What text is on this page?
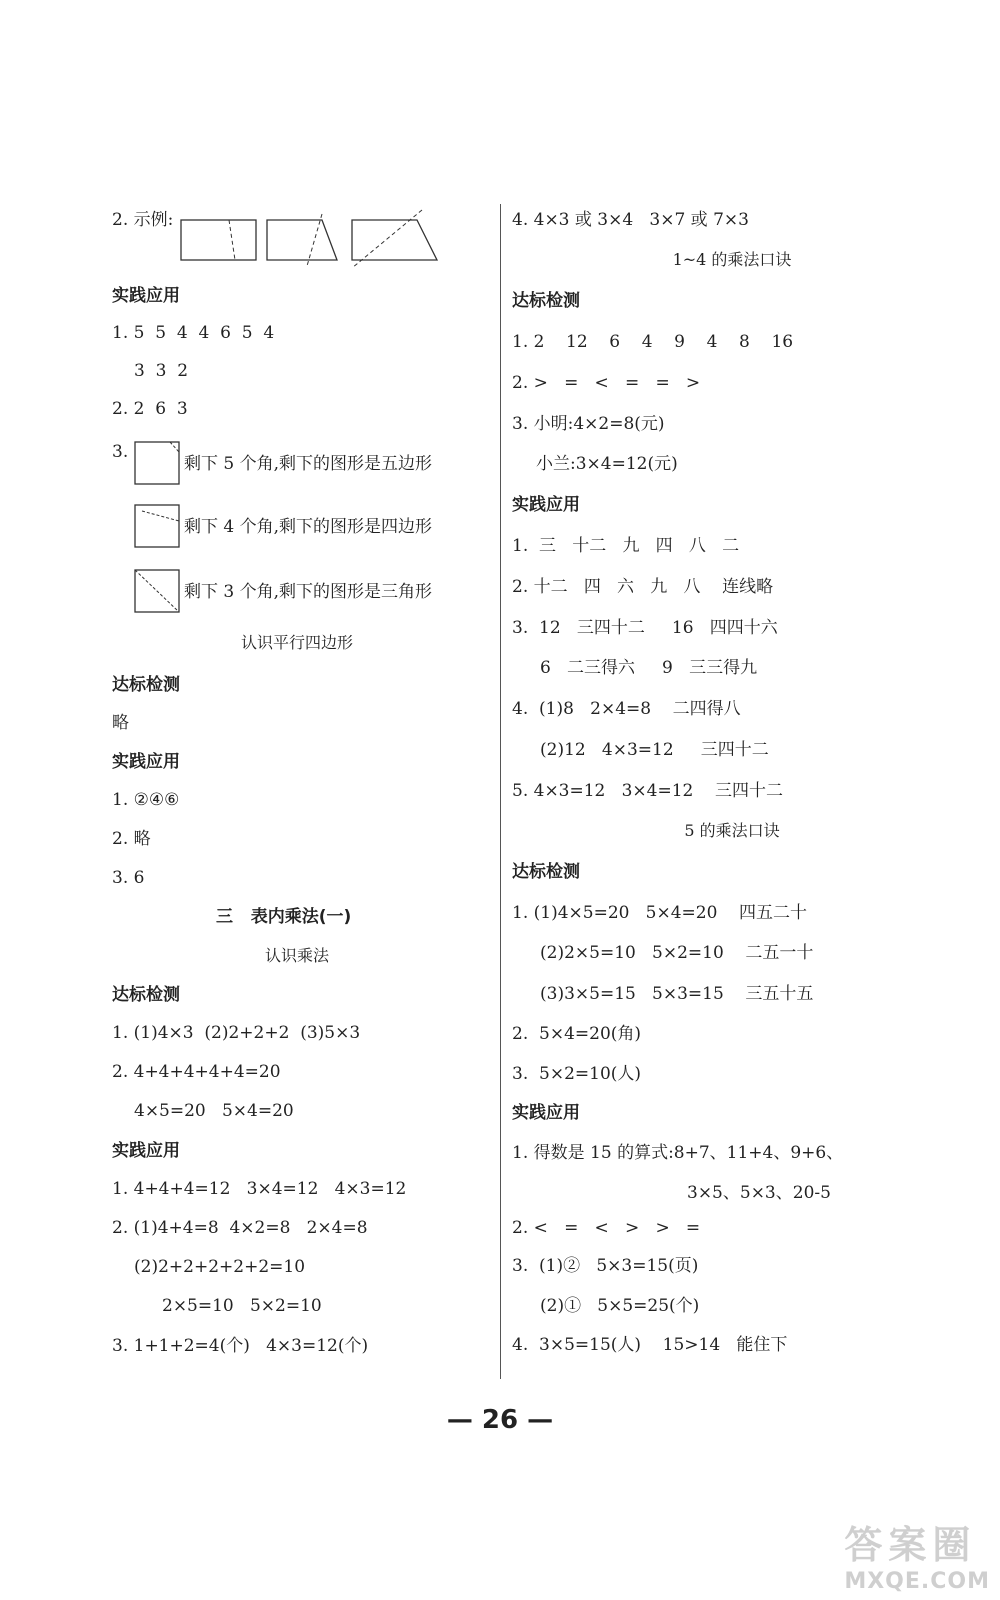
2. 示例:
实践应用
1. 5  5  4  4  6  5  4
3  3  2
2. 2  6  3
3.
剩下 5 个角,剩下的图形是五边形
剩下 4 个角,剩下的图形是四边形
剩下 3 个角,剩下的图形是三角形
认识平行四边形
达标检测
略
实践应用
1. ②④⑥
2. 略
3. 6
三   表内乘法(一)
认识乘法
达标检测
1. (1)4×3  (2)2+2+2  (3)5×3
2. 4+4+4+4+4=20
4×5=20   5×4=20
实践应用
1. 4+4+4=12   3×4=12   4×3=12
2. (1)4+4=8  4×2=8   2×4=8
(2)2+2+2+2+2=10
2×5=10   5×2=10
3. 1+1+2=4(个)   4×3=12(个)
4. 4×3 或 3×4   3×7 或 7×3
1~4 的乘法口诀
达标检测
1. 2    12    6    4    9    4    8    16
2. >   =   <   =   =   >
3. 小明:4×2=8(元)
小兰:3×4=12(元)
实践应用
1.  三   十二   九   四   八   二
2. 十二   四   六   九   八    连线略
3.  12   三四十二     16   四四十六
6   二三得六     9   三三得九
4.  (1)8   2×4=8    二四得八
(2)12   4×3=12     三四十二
5. 4×3=12   3×4=12    三四十二
5 的乘法口诀
达标检测
1. (1)4×5=20   5×4=20    四五二十
(2)2×5=10   5×2=10    二五一十
(3)3×5=15   5×3=15    三五十五
2.  5×4=20(角)
3.  5×2=10(人)
实践应用
1. 得数是 15 的算式:8+7、11+4、9+6、
3×5、5×3、20-5
2. <   =   <   >   >   =
3.  (1)②   5×3=15(页)
(2)①   5×5=25(个)
4.  3×5=15(人)    15>14   能住下
— 26 —
答案圈
MXQE.COM
